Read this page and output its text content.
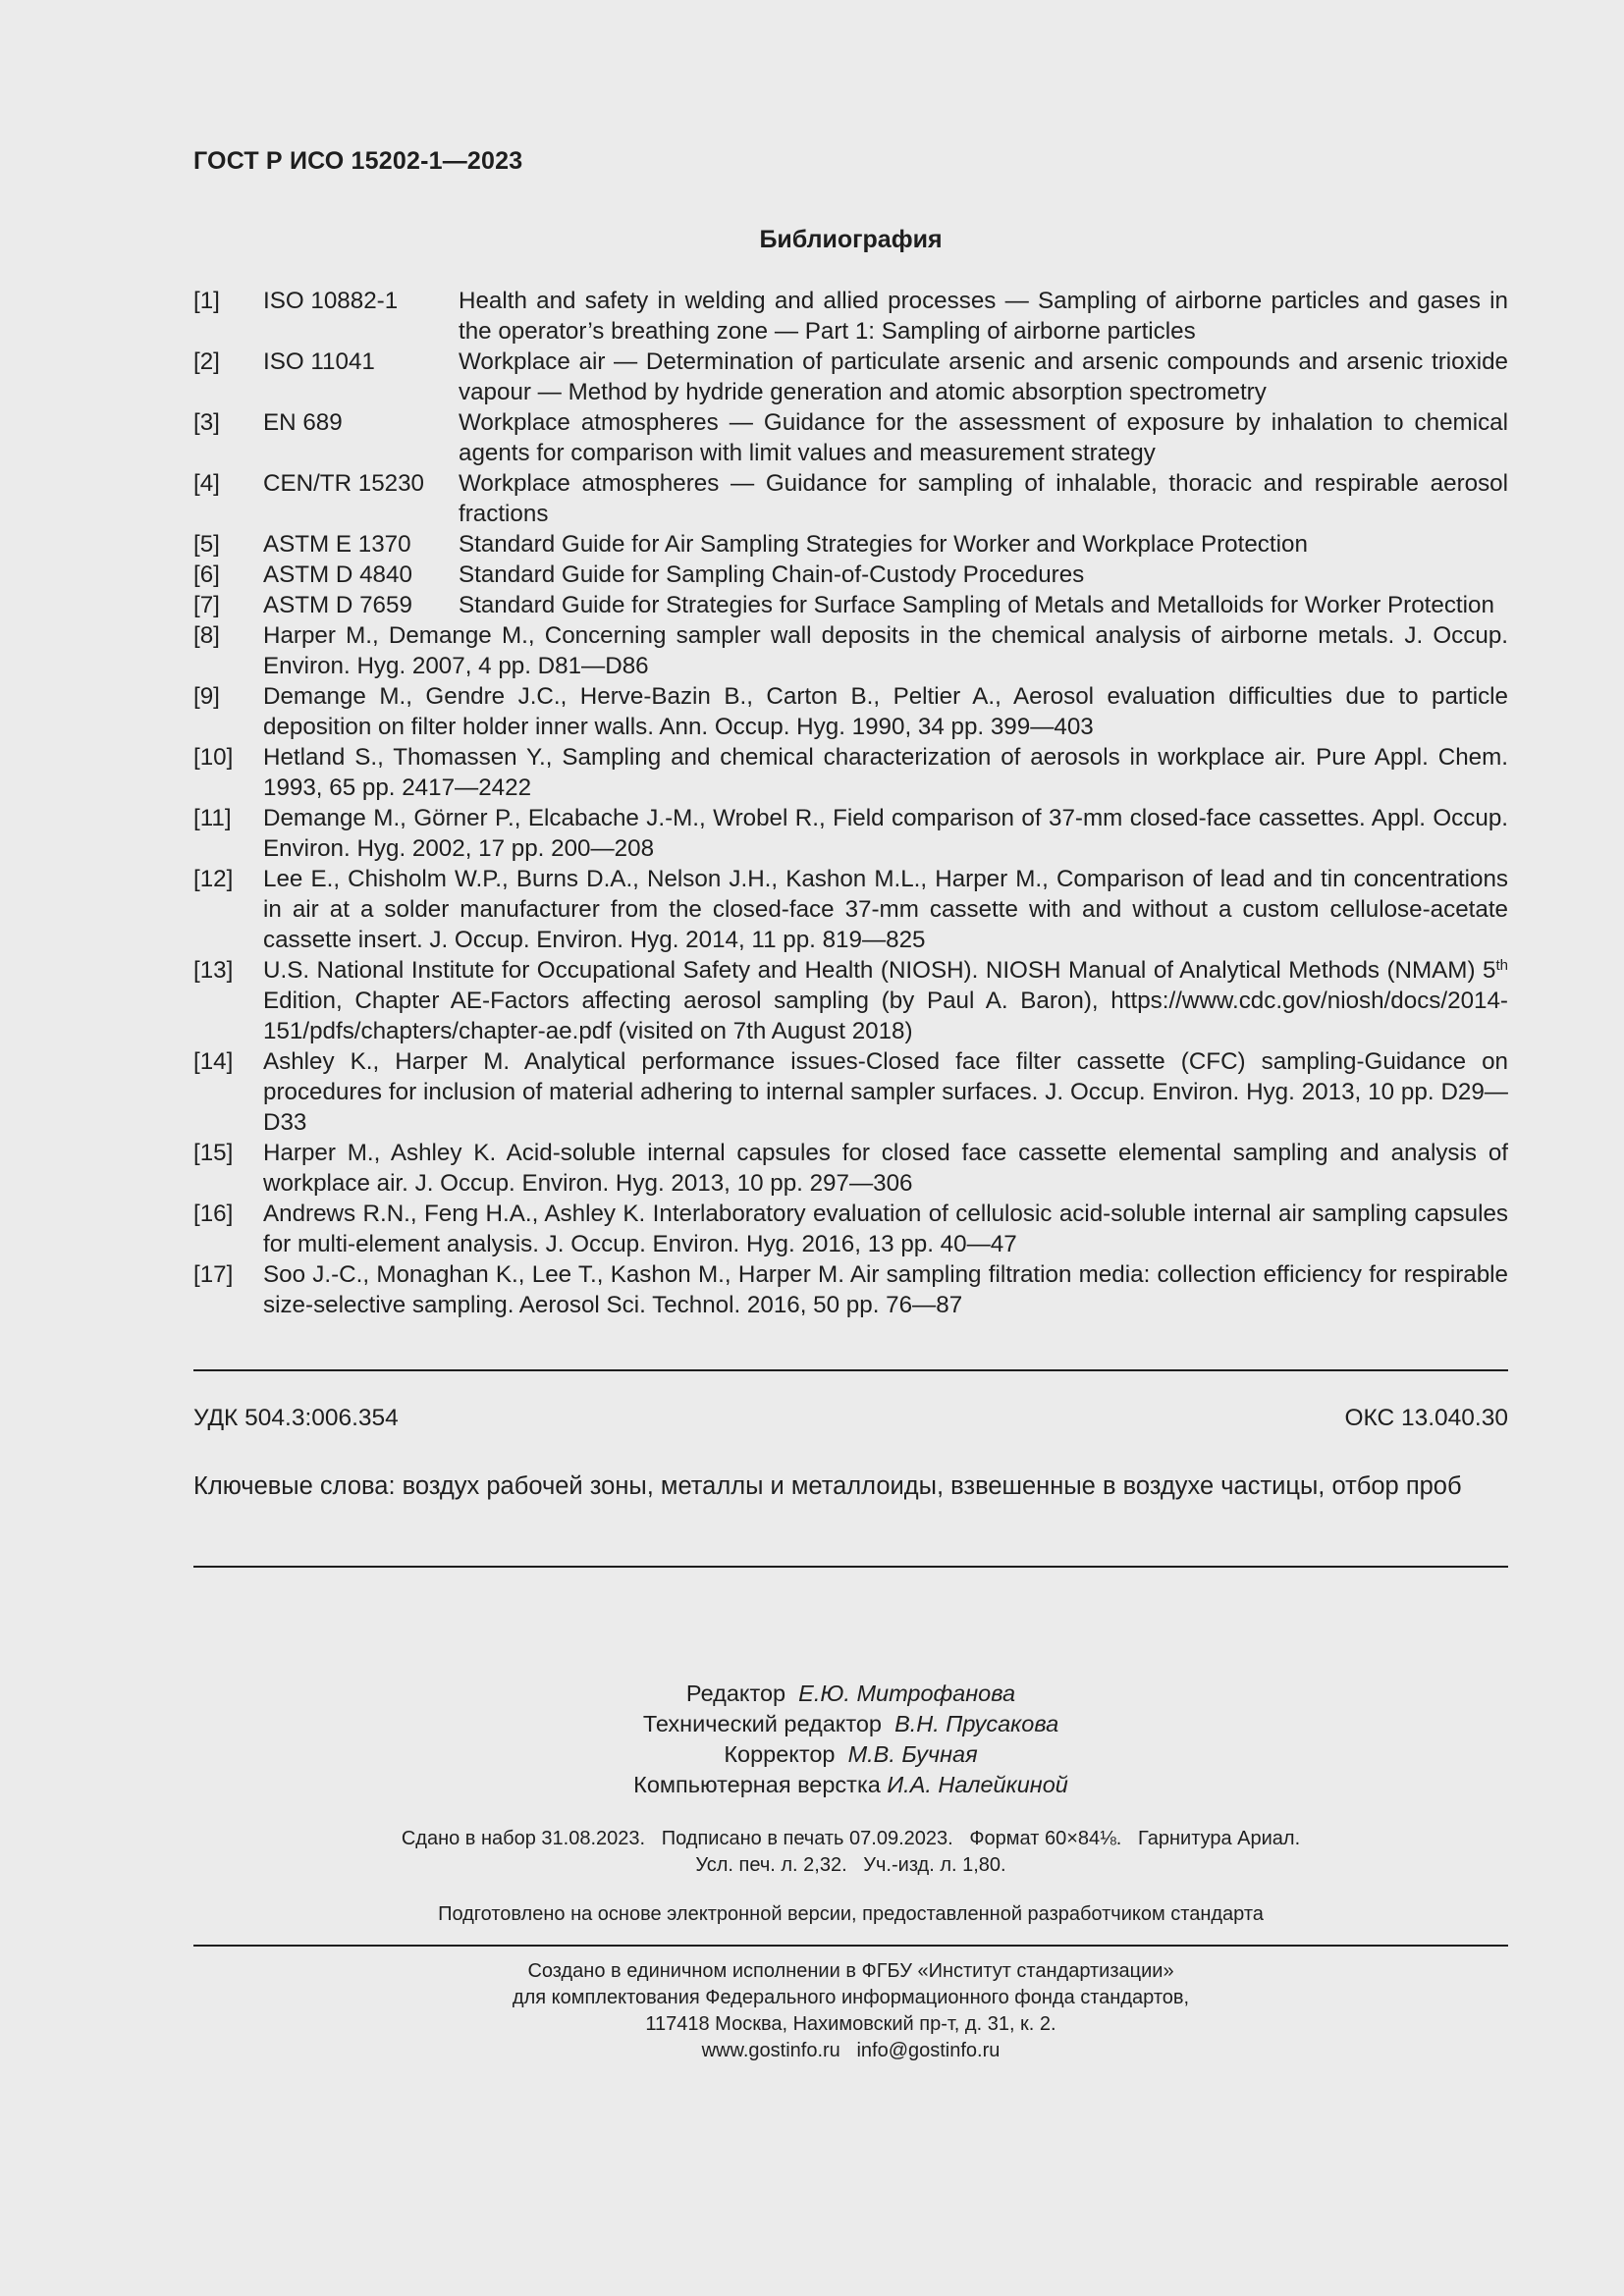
ГОСТ Р ИСО 15202-1—2023
Библиография
[1] ISO 10882-1	Health and safety in welding and allied processes — Sampling of airborne particles and gases in the operator’s breathing zone — Part 1: Sampling of airborne particles
[2] ISO 11041	Workplace air — Determination of particulate arsenic and arsenic compounds and arsenic trioxide vapour — Method by hydride generation and atomic absorption spectrometry
[3] EN 689	Workplace atmospheres — Guidance for the assessment of exposure by inhalation to chemical agents for comparison with limit values and measurement strategy
[4] CEN/TR 15230 Workplace atmospheres — Guidance for sampling of inhalable, thoracic and respirable aerosol fractions
[5] ASTM E 1370 Standard Guide for Air Sampling Strategies for Worker and Workplace Protection
[6] ASTM D 4840 Standard Guide for Sampling Chain-of-Custody Procedures
[7] ASTM D 7659 Standard Guide for Strategies for Surface Sampling of Metals and Metalloids for Worker Protection
[8] Harper M., Demange M., Concerning sampler wall deposits in the chemical analysis of airborne metals. J. Occup. Environ. Hyg. 2007, 4 pp. D81—D86
[9] Demange M., Gendre J.C., Herve-Bazin B., Carton B., Peltier A., Aerosol evaluation difficulties due to particle deposition on filter holder inner walls. Ann. Occup. Hyg. 1990, 34 pp. 399—403
[10] Hetland S., Thomassen Y., Sampling and chemical characterization of aerosols in workplace air. Pure Appl. Chem. 1993, 65 pp. 2417—2422
[11] Demange M., Görner P., Elcabache J.-M., Wrobel R., Field comparison of 37-mm closed-face cassettes. Appl. Occup. Environ. Hyg. 2002, 17 pp. 200—208
[12] Lee E., Chisholm W.P., Burns D.A., Nelson J.H., Kashon M.L., Harper M., Comparison of lead and tin concentrations in air at a solder manufacturer from the closed-face 37-mm cassette with and without a custom cellulose-acetate cassette insert. J. Occup. Environ. Hyg. 2014, 11 pp. 819—825
[13] U.S. National Institute for Occupational Safety and Health (NIOSH). NIOSH Manual of Analytical Methods (NMAM) 5th Edition, Chapter AE-Factors affecting aerosol sampling (by Paul A. Baron), https://www.cdc.gov/niosh/docs/2014-151/pdfs/chapters/chapter-ae.pdf (visited on 7th August 2018)
[14] Ashley K., Harper M. Analytical performance issues-Closed face filter cassette (CFC) sampling-Guidance on procedures for inclusion of material adhering to internal sampler surfaces. J. Occup. Environ. Hyg. 2013, 10 pp. D29—D33
[15] Harper M., Ashley K. Acid-soluble internal capsules for closed face cassette elemental sampling and analysis of workplace air. J. Occup. Environ. Hyg. 2013, 10 pp. 297—306
[16] Andrews R.N., Feng H.A., Ashley K. Interlaboratory evaluation of cellulosic acid-soluble internal air sampling capsules for multi-element analysis. J. Occup. Environ. Hyg. 2016, 13 pp. 40—47
[17] Soo J.-C., Monaghan K., Lee T., Kashon M., Harper M. Air sampling filtration media: collection efficiency for respirable size-selective sampling. Aerosol Sci. Technol. 2016, 50 pp. 76—87
УДК 504.3:006.354	ОКС 13.040.30
Ключевые слова: воздух рабочей зоны, металлы и металлоиды, взвешенные в воздухе частицы, отбор проб
Редактор Е.Ю. Митрофанова
Технический редактор В.Н. Прусакова
Корректор М.В. Бучная
Компьютерная верстка И.А. Налейкиной
Сдано в набор 31.08.2023.   Подписано в печать 07.09.2023.   Формат 60×84⅛.   Гарнитура Ариал.
Усл. печ. л. 2,32.   Уч.-изд. л. 1,80.
Подготовлено на основе электронной версии, предоставленной разработчиком стандарта
Создано в единичном исполнении в ФГБУ «Институт стандартизации»
для комплектования Федерального информационного фонда стандартов,
117418 Москва, Нахимовский пр-т, д. 31, к. 2.
www.gostinfo.ru info@gostinfo.ru
